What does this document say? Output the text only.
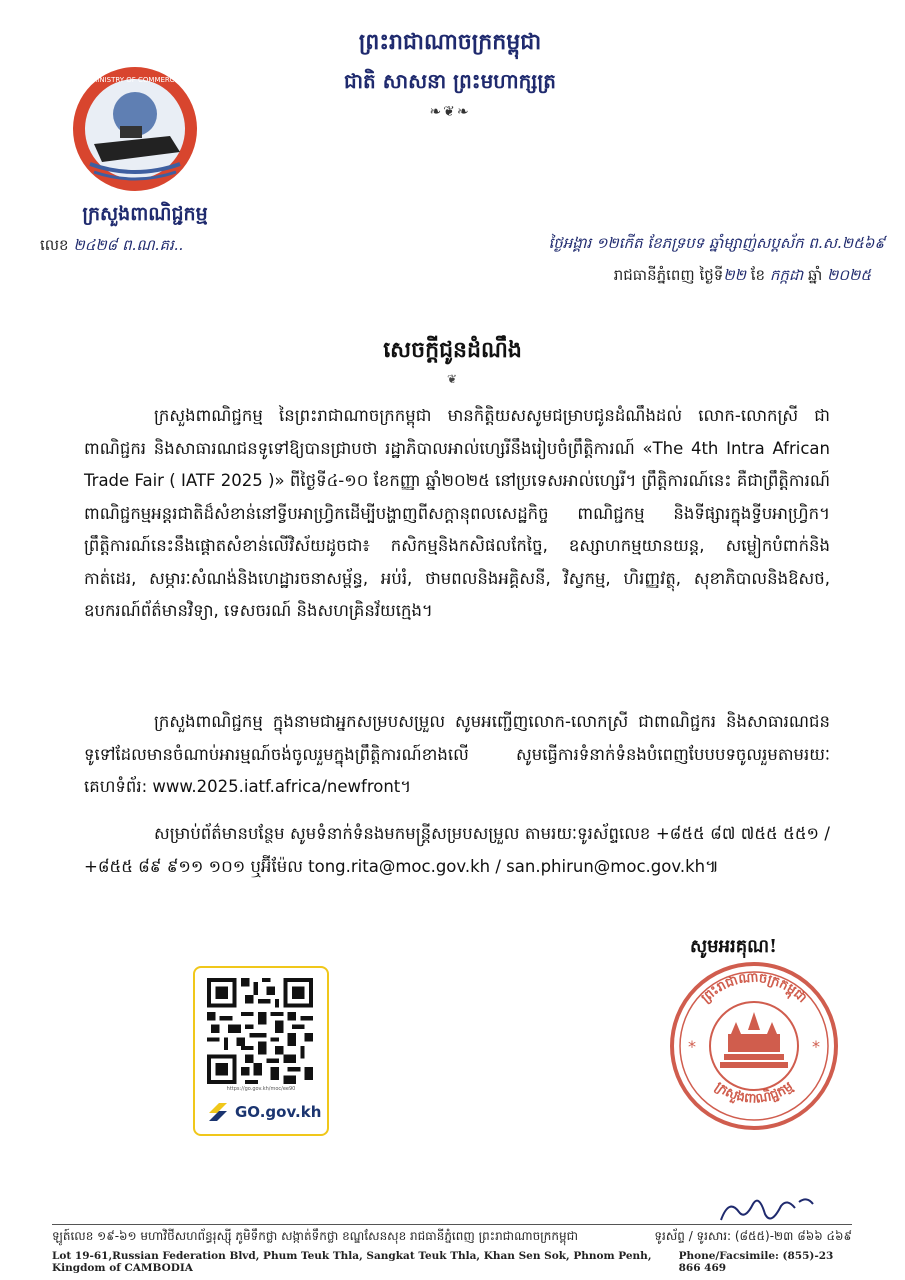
ព្រះរាជាណាចក្រកម្ពុជា
ជាតិ សាសនា ព្រះមហាក្សត្រ
❧❦❧
MINISTRY OF COMMERCE
ក្រសួងពាណិជ្ជកម្ម
លេខ ២៤២៨ ព.ណ.គរ..	ថ្ងៃអង្គារ ១២កើត ខែភទ្របទ ឆ្នាំម្សាញ់សប្តស័ក ព.ស.២៥៦៩
រាជធានីភ្នំពេញ ថ្ងៃទី២២ ខែ កក្កដា ឆ្នាំ ២០២៥
សេចក្តីជូនដំណឹង
❦
ក្រសួងពាណិជ្ជកម្ម នៃព្រះរាជាណាចក្រកម្ពុជា មានកិត្តិយសសូមជម្រាបជូនដំណឹងដល់ លោក-លោកស្រី ជាពាណិជ្ជករ និងសាធារណជនទូទៅឱ្យបានជ្រាបថា រដ្ឋាភិបាលអាល់ហ្សេរីនឹងរៀបចំព្រឹត្តិការណ៍ «The 4th Intra African Trade Fair ( IATF 2025 )» ពីថ្ងៃទី៤-១០ ខែកញ្ញា ឆ្នាំ២០២៥ នៅប្រទេសអាល់ហ្សេរី។ ព្រឹត្តិការណ៍នេះ គឺជាព្រឹត្តិការណ៍ពាណិជ្ជកម្មអន្តរជាតិដ៏សំខាន់នៅទ្វីបអាហ្វ្រិកដើម្បីបង្ហាញពីសក្តានុពលសេដ្ឋកិច្ច ពាណិជ្ជកម្ម និងទីផ្សារក្នុងទ្វីបអាហ្វ្រិក។ ព្រឹត្តិការណ៍នេះនឹងផ្តោតសំខាន់លើវិស័យដូចជា៖ កសិកម្មនិងកសិផលកែច្នៃ, ឧស្សាហកម្មយានយន្ត, សម្លៀកបំពាក់និងកាត់ដេរ, សម្ភារៈសំណង់និងហេដ្ឋារចនាសម្ព័ន្ធ, អប់រំ, ថាមពលនិងអគ្គិសនី, វិស្វកម្ម, ហិរញ្ញវត្ថុ, សុខាភិបាលនិងឱសថ, ឧបករណ៍ព័ត៌មានវិទ្យា, ទេសចរណ៍ និងសហគ្រិនវ័យក្មេង។
ក្រសួងពាណិជ្ជកម្ម ក្នុងនាមជាអ្នកសម្របសម្រួល សូមអញ្ជើញលោក-លោកស្រី ជាពាណិជ្ជករ និងសាធារណជនទូទៅដែលមានចំណាប់អារម្មណ៍ចង់ចូលរួមក្នុងព្រឹត្តិការណ៍ខាងលើ សូមធ្វើការទំនាក់ទំនងបំពេញបែបបទចូលរួមតាមរយៈគេហទំព័រ: www.2025.iatf.africa/newfront។
សម្រាប់ព័ត៌មានបន្ថែម សូមទំនាក់ទំនងមកមន្ត្រីសម្របសម្រួល តាមរយៈទូរស័ព្ទលេខ +៨៥៥ ៨៧ ៧៥៥ ៥៥១ / +៨៥៥ ៨៩ ៩១១ ១០១ ឬអ៊ីម៉ែល tong.rita@moc.gov.kh / san.phirun@moc.gov.kh៕
សូមអរគុណ!
https://go.gov.kh/moc/ee90
GO.gov.kh
ព្រះរាជាណាចក្រកម្ពុជា
ក្រសួងពាណិជ្ជកម្ម
*	*
ឡូត៍លេខ ១៩-៦១ មហាវិថីសហព័ន្ធរុស្ស៊ី ភូមិទឹកថ្លា សង្កាត់ទឹកថ្លា ខណ្ឌសែនសុខ រាជធានីភ្នំពេញ ព្រះរាជាណាចក្រកម្ពុជា	ទូរស័ព្ទ / ទូរសារ: (៨៥៥)-២៣ ៨៦៦ ៤៦៩
Lot 19-61,Russian Federation Blvd, Phum Teuk Thla, Sangkat Teuk Thla, Khan Sen Sok, Phnom Penh, Kingdom of CAMBODIA
Phone/Facsimile: (855)-23 866 469
